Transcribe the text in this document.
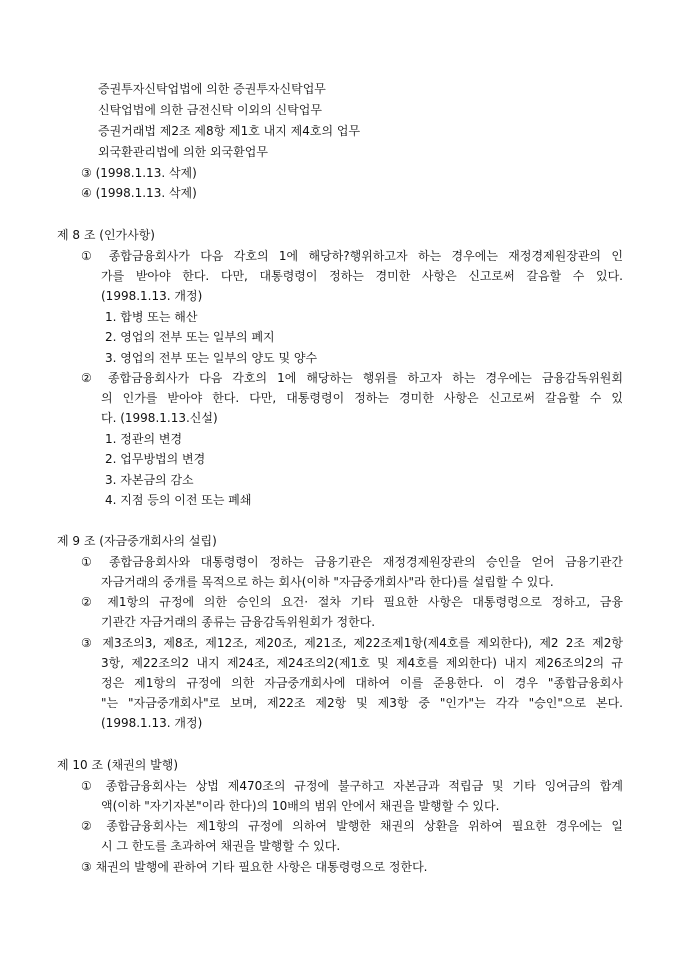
증권투자신탁업법에 의한 증권투자신탁업무
신탁업법에 의한 금전신탁 이외의 신탁업무
증권거래법 제2조 제8항 제1호 내지 제4호의 업무
외국환관리법에 의한 외국환업무
③ (1998.1.13. 삭제)
④ (1998.1.13. 삭제)
제 8 조 (인가사항)
① 종합금융회사가 다음 각호의 1에 해당하?행위하고자 하는 경우에는 재정경제원장관의 인
가를 받아야 한다. 다만, 대통령령이 정하는 경미한 사항은 신고로써 갈음할 수 있다.
(1998.1.13. 개정)
1. 합병 또는 해산
2. 영업의 전부 또는 일부의 폐지
3. 영업의 전부 또는 일부의 양도 및 양수
② 종합금융회사가 다음 각호의 1에 해당하는 행위를 하고자 하는 경우에는 금융감독위원회
의 인가를 받아야 한다. 다만, 대통령령이 정하는 경미한 사항은 신고로써 갈음할 수 있
다. (1998.1.13.신설)
1. 정관의 변경
2. 업무방법의 변경
3. 자본금의 감소
4. 지점 등의 이전 또는 폐쇄
제 9 조 (자금중개회사의 설립)
① 종합금융회사와 대통령령이 정하는 금융기관은 재정경제원장관의 승인을 얻어 금융기관간
자금거래의 중개를 목적으로 하는 회사(이하 "자금중개회사"라 한다)를 설립할 수 있다.
② 제1항의 규정에 의한 승인의 요건· 절차 기타 필요한 사항은 대통령령으로 정하고, 금융
기관간 자금거래의 종류는 금융감독위원회가 정한다.
③ 제3조의3, 제8조, 제12조, 제20조, 제21조, 제22조제1항(제4호를 제외한다), 제2 2조 제2항
3항, 제22조의2 내지 제24조, 제24조의2(제1호 및 제4호를 제외한다) 내지 제26조의2의 규
정은 제1항의 규정에 의한 자금중개회사에 대하여 이를 준용한다. 이 경우 "종합금융회사
"는 "자금중개회사"로 보며, 제22조 제2항 및 제3항 중 "인가"는 각각 "승인"으로 본다.
(1998.1.13. 개정)
제 10 조 (채권의 발행)
① 종합금융회사는 상법 제470조의 규정에 불구하고 자본금과 적립금 및 기타 잉여금의 합계
액(이하 "자기자본"이라 한다)의 10배의 범위 안에서 채권을 발행할 수 있다.
② 종합금융회사는 제1항의 규정에 의하여 발행한 채권의 상환을 위하여 필요한 경우에는 일
시 그 한도를 초과하여 채권을 발행할 수 있다.
③ 채권의 발행에 관하여 기타 필요한 사항은 대통령령으로 정한다.
